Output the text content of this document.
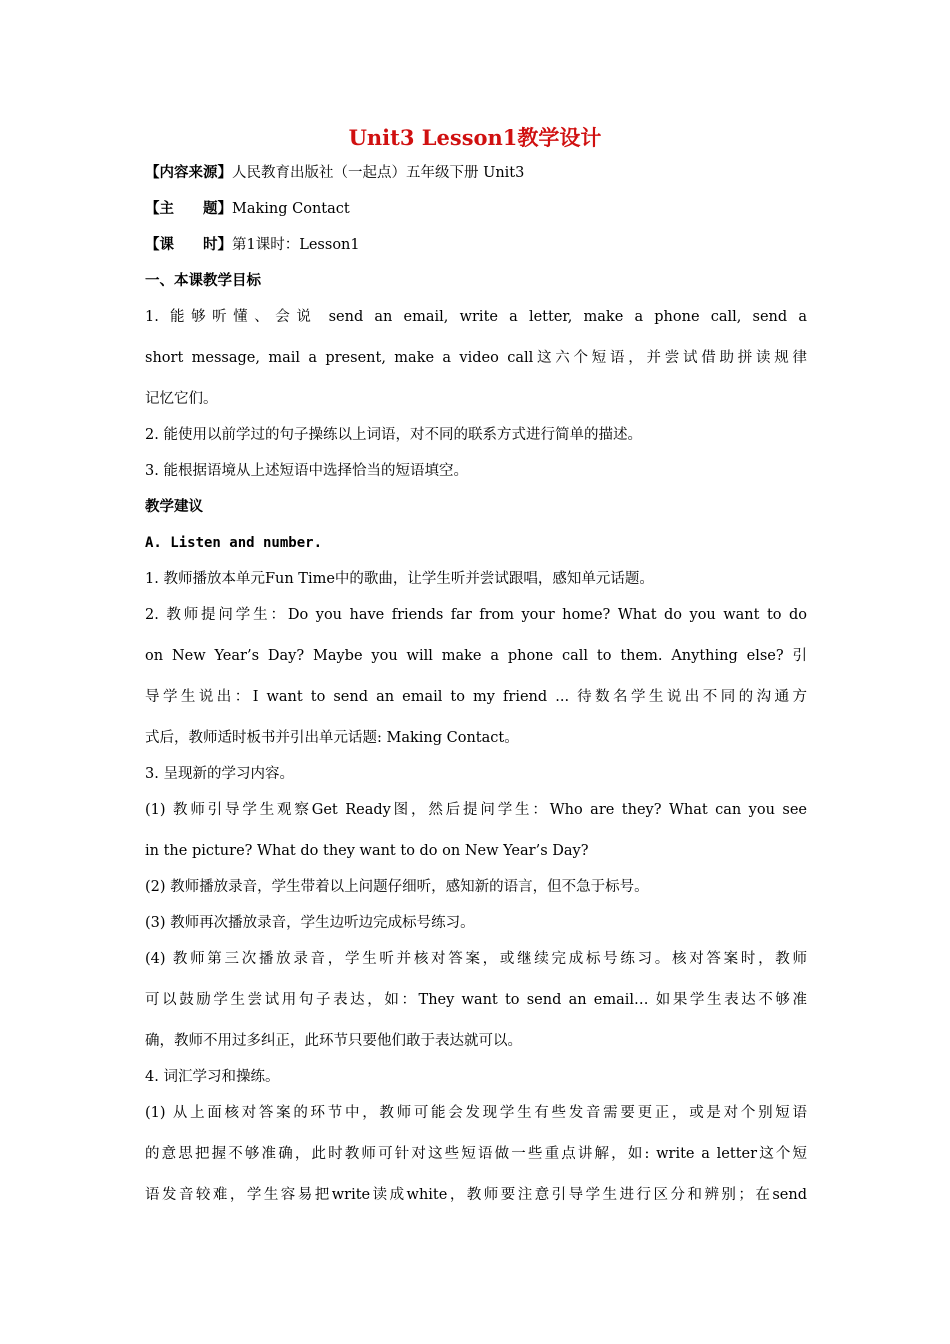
Unit3 Lesson1教学设计
【内容来源】人民教育出版社（一起点）五年级下册 Unit3
【主　　题】Making Contact
【课　　时】第1课时：Lesson1
一、本课教学目标
1. 能够听懂、会说 send an email, write a letter, make a phone call, send a
short message, mail a present, make a video call这六个短语，并尝试借助拼读规律
记忆它们。
2. 能使用以前学过的句子操练以上词语，对不同的联系方式进行简单的描述。
3. 能根据语境从上述短语中选择恰当的短语填空。
教学建议
A. Listen and number.
1. 教师播放本单元Fun Time中的歌曲，让学生听并尝试跟唱，感知单元话题。
2. 教师提问学生：Do you have friends far from your home? What do you want to do
on New Year’s Day? Maybe you will make a phone call to them. Anything else? 引
导学生说出：I want to send an email to my friend ... 待数名学生说出不同的沟通方
式后，教师适时板书并引出单元话题: Making Contact。
3. 呈现新的学习内容。
(1) 教师引导学生观察Get Ready图，然后提问学生：Who are they? What can you see
in the picture? What do they want to do on New Year’s Day?
(2) 教师播放录音，学生带着以上问题仔细听，感知新的语言，但不急于标号。
(3) 教师再次播放录音，学生边听边完成标号练习。
(4) 教师第三次播放录音，学生听并核对答案，或继续完成标号练习。核对答案时，教师
可以鼓励学生尝试用句子表达，如：They want to send an email… 如果学生表达不够准
确，教师不用过多纠正，此环节只要他们敢于表达就可以。
4. 词汇学习和操练。
(1) 从上面核对答案的环节中，教师可能会发现学生有些发音需要更正，或是对个别短语
的意思把握不够准确，此时教师可针对这些短语做一些重点讲解，如: write a letter这个短
语发音较难，学生容易把write读成white，教师要注意引导学生进行区分和辨别；在send
